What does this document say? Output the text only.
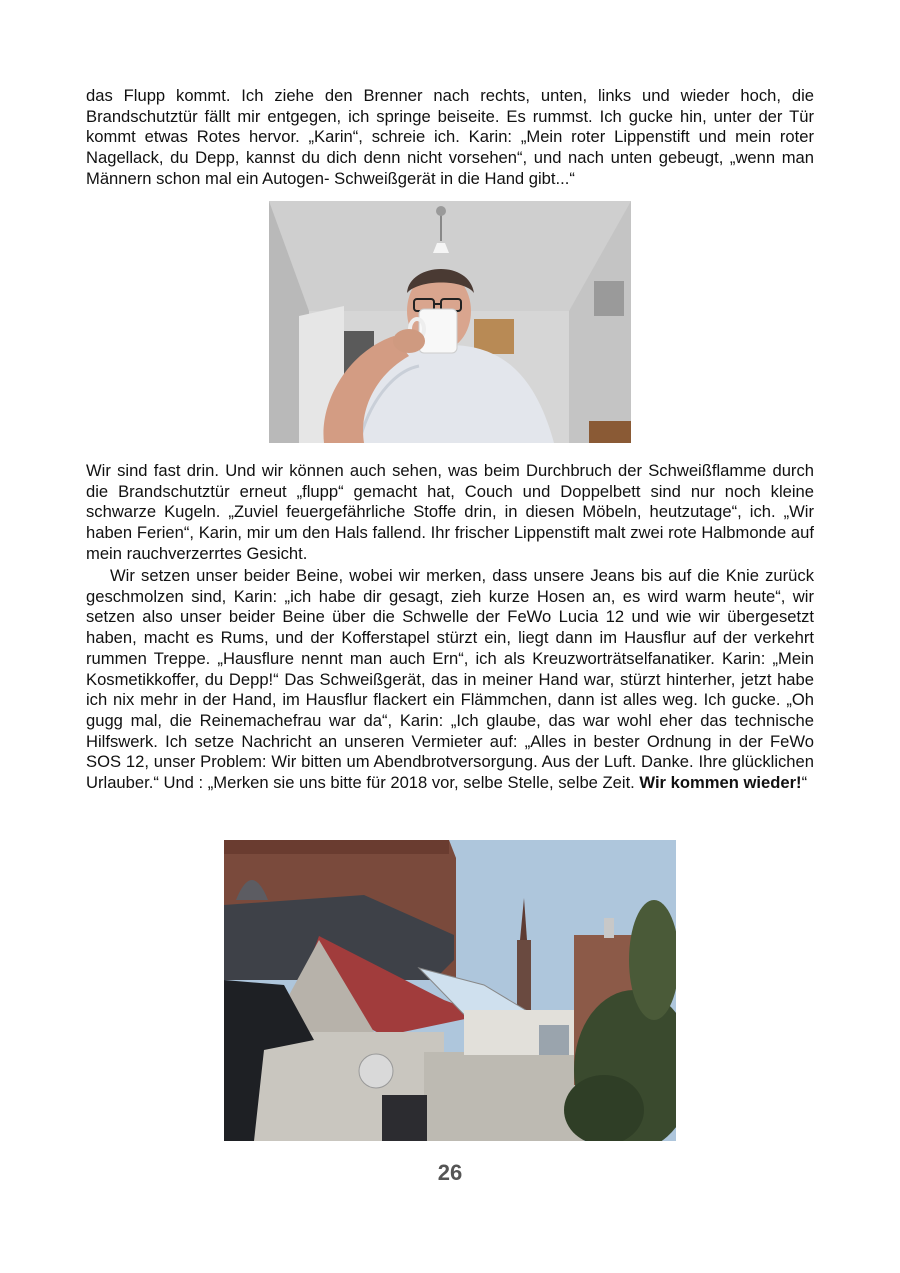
das Flupp kommt. Ich ziehe den Brenner nach rechts, unten, links und wieder hoch, die Brandschutztür fällt mir entgegen, ich springe beiseite. Es rummst. Ich gucke hin, unter der Tür kommt etwas Rotes hervor. „Karin“, schreie ich. Karin: „Mein roter Lippenstift und mein roter Nagellack, du Depp, kannst du dich denn nicht vorsehen“, und nach unten gebeugt, „wenn man Männern schon mal ein Autogen- Schweißgerät in die Hand gibt...“

Wir sind fast drin. Und wir können auch sehen, was beim Durchbruch der Schweißflamme durch die Brandschutztür erneut „flupp“ gemacht hat, Couch und Doppelbett sind nur noch kleine schwarze Kugeln. „Zuviel feuergefährliche Stoffe drin, in diesen Möbeln, heutzutage“, ich. „Wir haben Ferien“, Karin, mir um den Hals fallend. Ihr frischer Lippenstift malt zwei rote Halbmonde auf mein rauchverzerrtes Gesicht.

Wir setzen unser beider Beine, wobei wir merken, dass unsere Jeans bis auf die Knie zurück geschmolzen sind, Karin: „ich habe dir gesagt, zieh kurze Hosen an, es wird warm heute“, wir setzen also unser beider Beine über die Schwelle der FeWo Lucia 12 und wie wir übergesetzt haben, macht es Rums, und der Kofferstapel stürzt ein, liegt dann im Hausflur auf der verkehrt rummen Treppe. „Hausflure nennt man auch Ern“, ich als Kreuzworträtselfanatiker. Karin: „Mein Kosmetikkoffer, du Depp!“ Das Schweißgerät, das in meiner Hand war, stürzt hinterher, jetzt habe ich nix mehr in der Hand, im Hausflur flackert ein Flämmchen, dann ist alles weg. Ich gucke. „Oh gugg mal, die Reinemachefrau war da“, Karin: „Ich glaube, das war wohl eher das technische Hilfswerk. Ich setze Nachricht an unseren Vermieter auf: „Alles in bester Ordnung in der FeWo SOS 12, unser Problem: Wir bitten um Abendbrotversorgung. Aus der Luft. Danke. Ihre glücklichen Urlauber.“ Und : „Merken sie uns bitte für 2018 vor, selbe Stelle, selbe Zeit. Wir kommen wieder!“

26
